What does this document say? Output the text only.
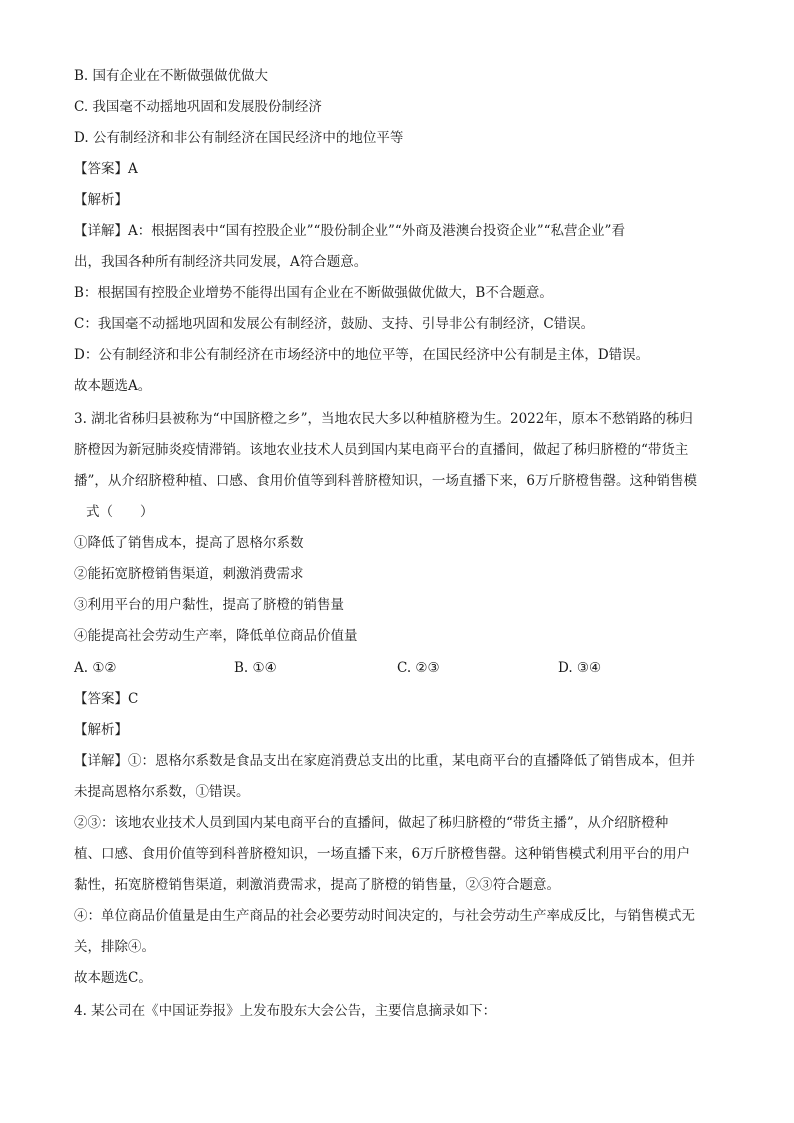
B. 国有企业在不断做强做优做大
C. 我国毫不动摇地巩固和发展股份制经济
D. 公有制经济和非公有制经济在国民经济中的地位平等
【答案】A
【解析】
【详解】A：根据图表中“国有控股企业”“股份制企业”“外商及港澳台投资企业”“私营企业”看
出，我国各种所有制经济共同发展，A符合题意。
B：根据国有控股企业增势不能得出国有企业在不断做强做优做大，B不合题意。
C：我国毫不动摇地巩固和发展公有制经济，鼓励、支持、引导非公有制经济，C错误。
D：公有制经济和非公有制经济在市场经济中的地位平等，在国民经济中公有制是主体，D错误。
故本题选A。
3. 湖北省秭归县被称为“中国脐橙之乡”，当地农民大多以种植脐橙为生。2022年，原本不愁销路的秭归
脐橙因为新冠肺炎疫情滞销。该地农业技术人员到国内某电商平台的直播间，做起了秭归脐橙的“带货主
播”，从介绍脐橙种植、口感、食用价值等到科普脐橙知识，一场直播下来，6万斤脐橙售罄。这种销售模
式（　　）
①降低了销售成本，提高了恩格尔系数
②能拓宽脐橙销售渠道，刺激消费需求
③利用平台的用户黏性，提高了脐橙的销售量
④能提高社会劳动生产率，降低单位商品价值量
A. ①②	B. ①④	C. ②③	D. ③④
【答案】C
【解析】
【详解】①：恩格尔系数是食品支出在家庭消费总支出的比重，某电商平台的直播降低了销售成本，但并
未提高恩格尔系数，①错误。
②③：该地农业技术人员到国内某电商平台的直播间，做起了秭归脐橙的“带货主播”，从介绍脐橙种
植、口感、食用价值等到科普脐橙知识，一场直播下来，6万斤脐橙售罄。这种销售模式利用平台的用户
黏性，拓宽脐橙销售渠道，刺激消费需求，提高了脐橙的销售量，②③符合题意。
④：单位商品价值量是由生产商品的社会必要劳动时间决定的，与社会劳动生产率成反比，与销售模式无
关，排除④。
故本题选C。
4. 某公司在《中国证券报》上发布股东大会公告，主要信息摘录如下：
